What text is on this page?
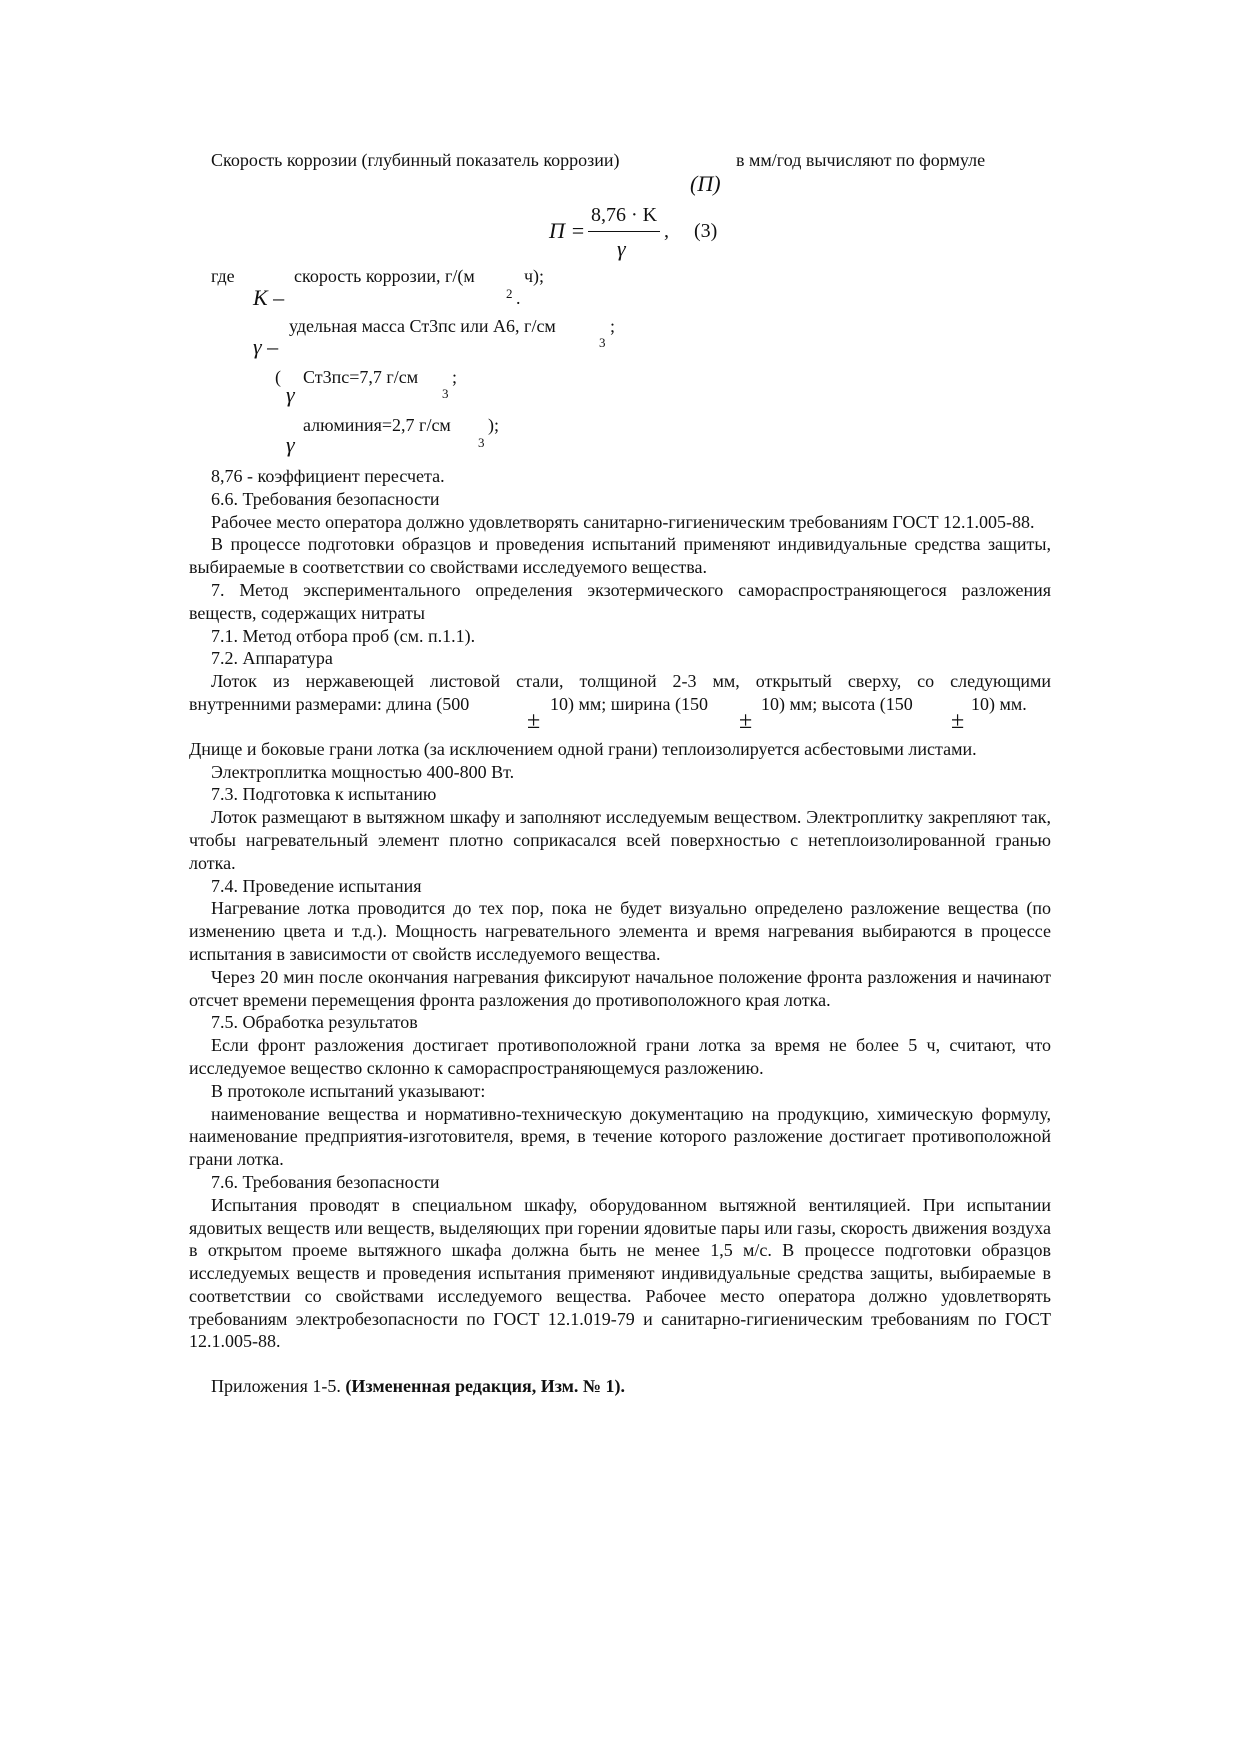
Скорость коррозии (глубинный показатель коррозии)	в мм/год вычисляют по формуле
(П)
П =
8,76 · K
γ
, (3)
где
K –
скорость коррозии, г/(м
2
ч);
.
γ –
удельная масса Ст3пс или А6, г/см
3
;
(
γ
Ст3пс=7,7 г/см
3
;
γ
алюминия=2,7 г/см
3
);

8,76 - коэффициент пересчета.

6.6. Требования безопасности

Рабочее место оператора должно удовлетворять санитарно-гигиеническим требованиям ГОСТ 12.1.005-88.

В процессе подготовки образцов и проведения испытаний применяют индивидуальные средства защиты, выбираемые в соответствии со свойствами исследуемого вещества.

7. Метод экспериментального определения экзотермического самораспространяющегося разложения веществ, содержащих нитраты

7.1. Метод отбора проб (см. п.1.1).

7.2. Аппаратура

Лоток из нержавеющей листовой стали, толщиной 2-3 мм, открытый сверху, со следующими

внутренними размерами: длина (500	10) мм; ширина (150	10) мм; высота (150	10) мм.
±	±	±

Днище и боковые грани лотка (за исключением одной грани) теплоизолируется асбестовыми листами.

Электроплитка мощностью 400-800 Вт.

7.3. Подготовка к испытанию

Лоток размещают в вытяжном шкафу и заполняют исследуемым веществом. Электроплитку закрепляют так, чтобы нагревательный элемент плотно соприкасался всей поверхностью с нетеплоизолированной гранью лотка.

7.4. Проведение испытания

Нагревание лотка проводится до тех пор, пока не будет визуально определено разложение вещества (по изменению цвета и т.д.). Мощность нагревательного элемента и время нагревания выбираются в процессе испытания в зависимости от свойств исследуемого вещества.

Через 20 мин после окончания нагревания фиксируют начальное положение фронта разложения и начинают отсчет времени перемещения фронта разложения до противоположного края лотка.

7.5. Обработка результатов

Если фронт разложения достигает противоположной грани лотка за время не более 5 ч, считают, что исследуемое вещество склонно к самораспространяющемуся разложению.

В протоколе испытаний указывают:

наименование вещества и нормативно-техническую документацию на продукцию, химическую формулу, наименование предприятия-изготовителя, время, в течение которого разложение достигает противоположной грани лотка.

7.6. Требования безопасности

Испытания проводят в специальном шкафу, оборудованном вытяжной вентиляцией. При испытании ядовитых веществ или веществ, выделяющих при горении ядовитые пары или газы, скорость движения воздуха в открытом проеме вытяжного шкафа должна быть не менее 1,5 м/с. В процессе подготовки образцов исследуемых веществ и проведения испытания применяют индивидуальные средства защиты, выбираемые в соответствии со свойствами исследуемого вещества. Рабочее место оператора должно удовлетворять требованиям электробезопасности по ГОСТ 12.1.019-79 и санитарно-гигиеническим требованиям по ГОСТ 12.1.005-88.

Приложения 1-5. (Измененная редакция, Изм. № 1).
